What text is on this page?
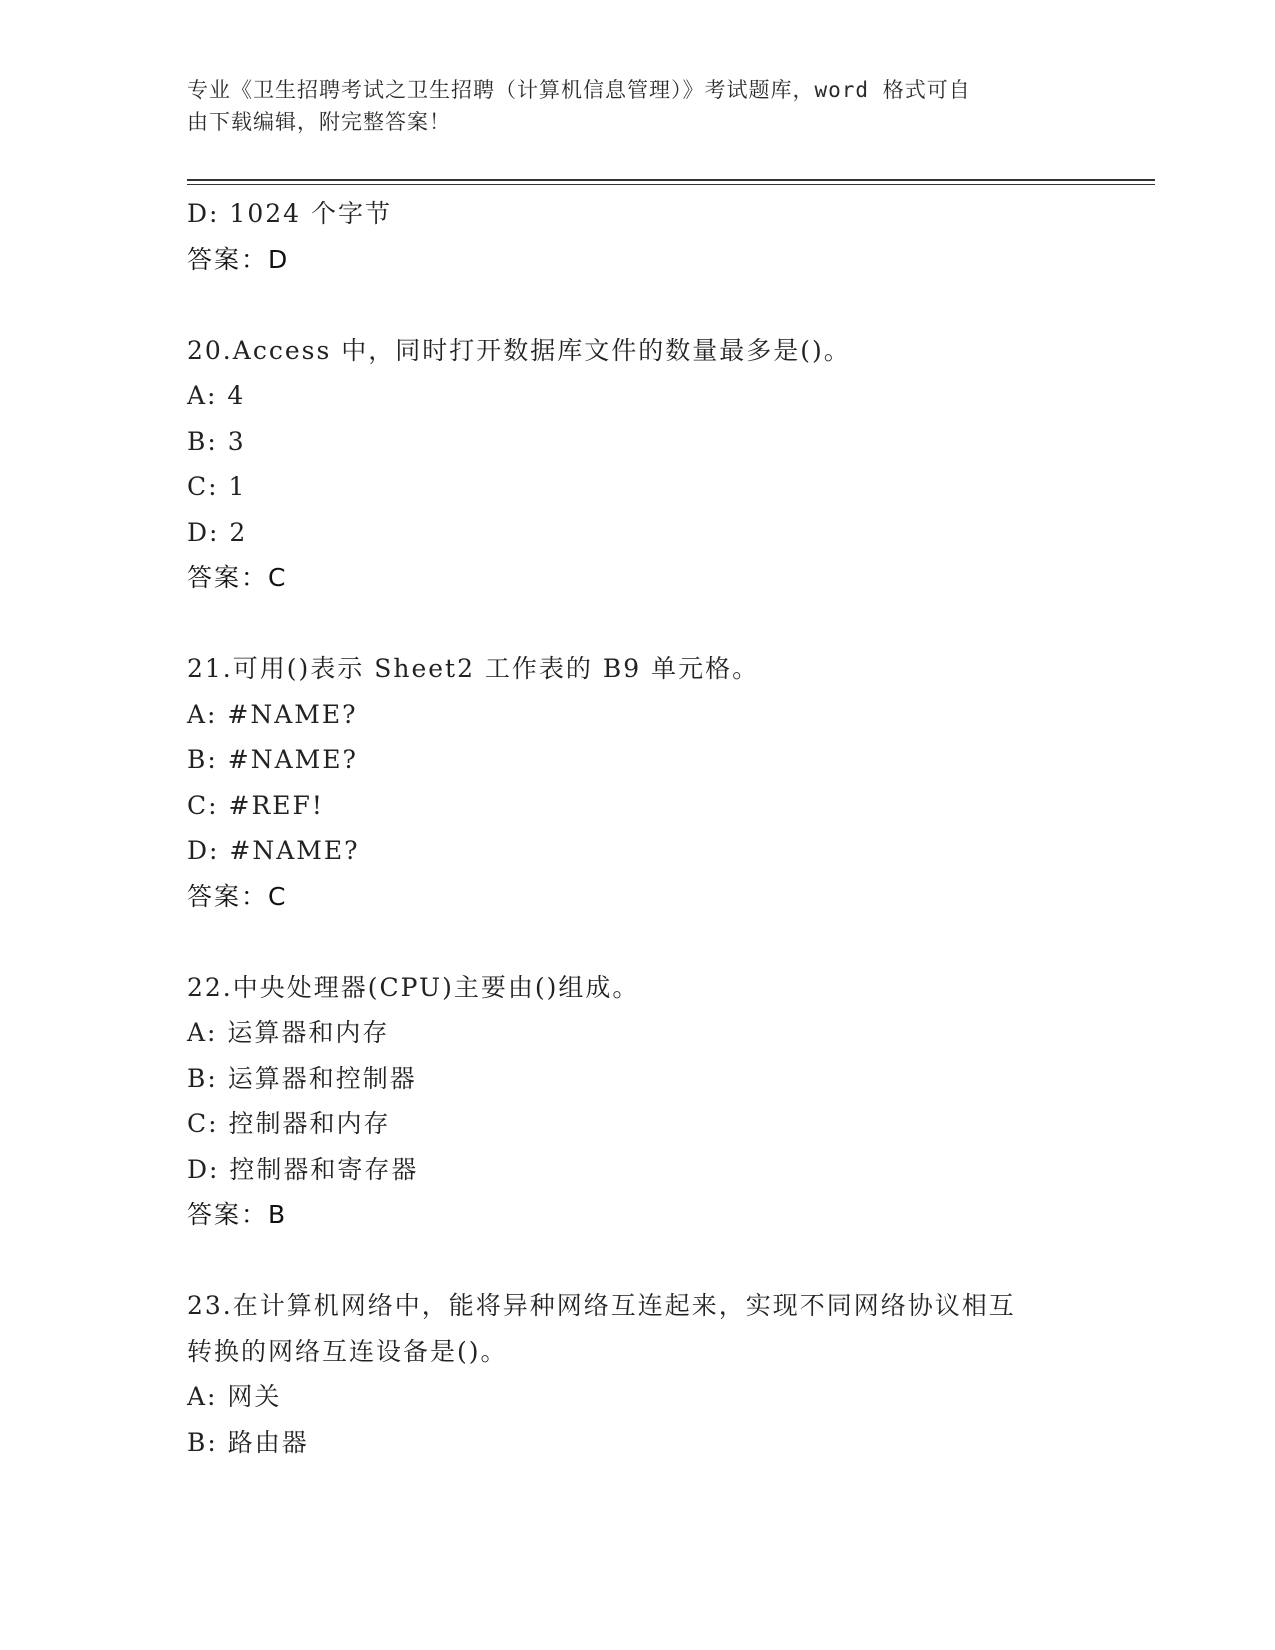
专业《卫生招聘考试之卫生招聘（计算机信息管理）》考试题库，word 格式可自
由下载编辑，附完整答案！
D: 1024 个字节
答案：D
20.Access 中，同时打开数据库文件的数量最多是()。
A: 4
B: 3
C: 1
D: 2
答案：C
21.可用()表示 Sheet2 工作表的 B9 单元格。
A: #NAME?
B: #NAME?
C: #REF!
D: #NAME?
答案：C
22.中央处理器(CPU)主要由()组成。
A: 运算器和内存
B: 运算器和控制器
C: 控制器和内存
D: 控制器和寄存器
答案：B
23.在计算机网络中，能将异种网络互连起来，实现不同网络协议相互
转换的网络互连设备是()。
A: 网关
B: 路由器
